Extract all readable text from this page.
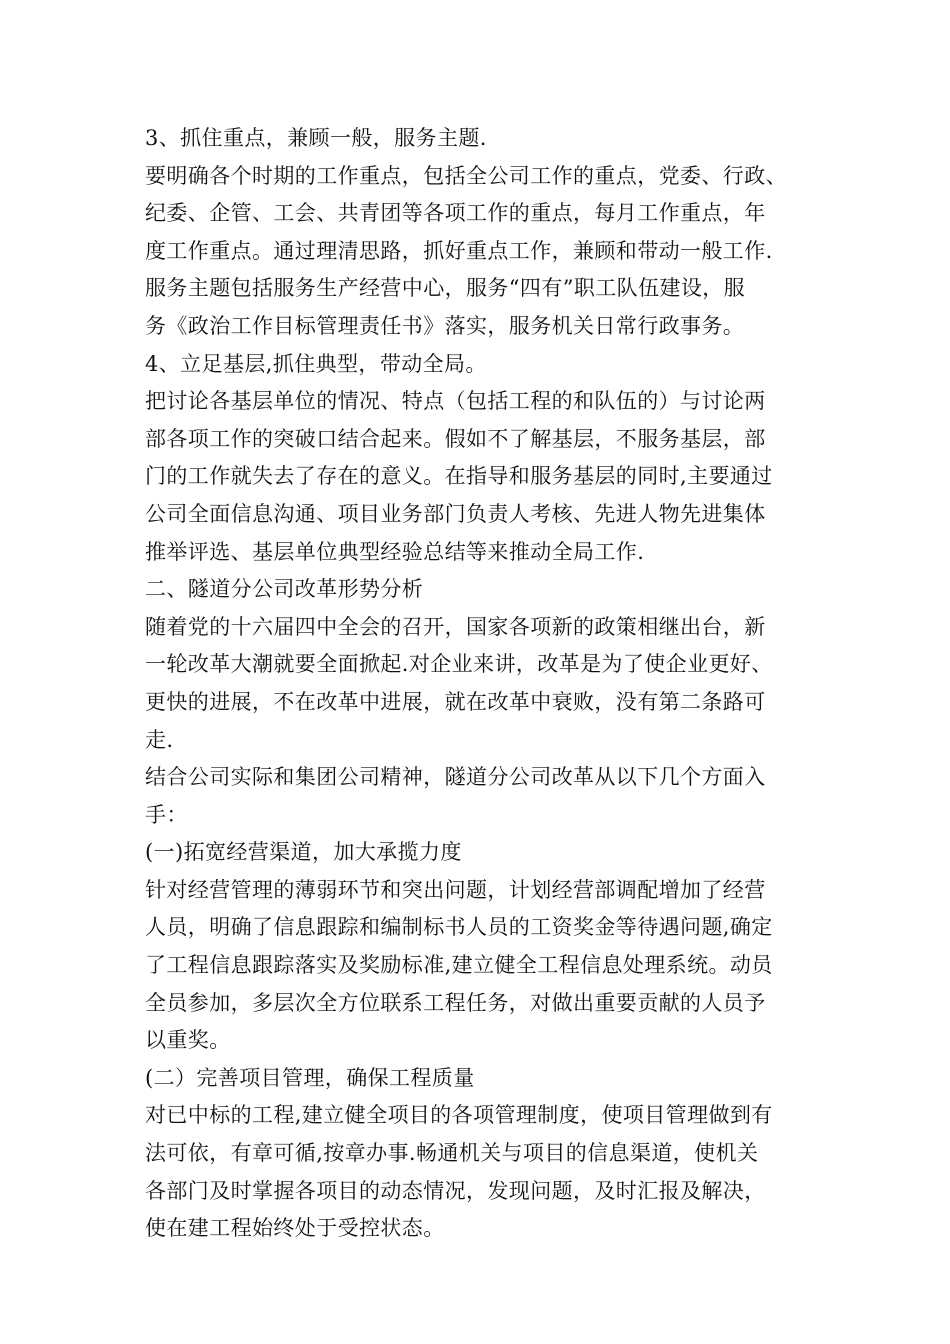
3、抓住重点，兼顾一般，服务主题.
要明确各个时期的工作重点，包括全公司工作的重点，党委、行政、
纪委、企管、工会、共青团等各项工作的重点，每月工作重点，年
度工作重点。通过理清思路，抓好重点工作，兼顾和带动一般工作.
服务主题包括服务生产经营中心，服务“四有”职工队伍建设，服
务《政治工作目标管理责任书》落实，服务机关日常行政事务。
4、立足基层,抓住典型，带动全局。
把讨论各基层单位的情况、特点（包括工程的和队伍的）与讨论两
部各项工作的突破口结合起来。假如不了解基层，不服务基层，部
门的工作就失去了存在的意义。在指导和服务基层的同时,主要通过
公司全面信息沟通、项目业务部门负责人考核、先进人物先进集体
推举评选、基层单位典型经验总结等来推动全局工作.
二、隧道分公司改革形势分析
随着党的十六届四中全会的召开，国家各项新的政策相继出台，新
一轮改革大潮就要全面掀起.对企业来讲，改革是为了使企业更好、
更快的进展，不在改革中进展，就在改革中衰败，没有第二条路可
走.
结合公司实际和集团公司精神，隧道分公司改革从以下几个方面入
手：
(一)拓宽经营渠道，加大承揽力度
针对经营管理的薄弱环节和突出问题，计划经营部调配增加了经营
人员，明确了信息跟踪和编制标书人员的工资奖金等待遇问题,确定
了工程信息跟踪落实及奖励标准,建立健全工程信息处理系统。动员
全员参加，多层次全方位联系工程任务，对做出重要贡献的人员予
以重奖。
(二）完善项目管理，确保工程质量
对已中标的工程,建立健全项目的各项管理制度，使项目管理做到有
法可依，有章可循,按章办事.畅通机关与项目的信息渠道，使机关
各部门及时掌握各项目的动态情况，发现问题，及时汇报及解决，
使在建工程始终处于受控状态。
